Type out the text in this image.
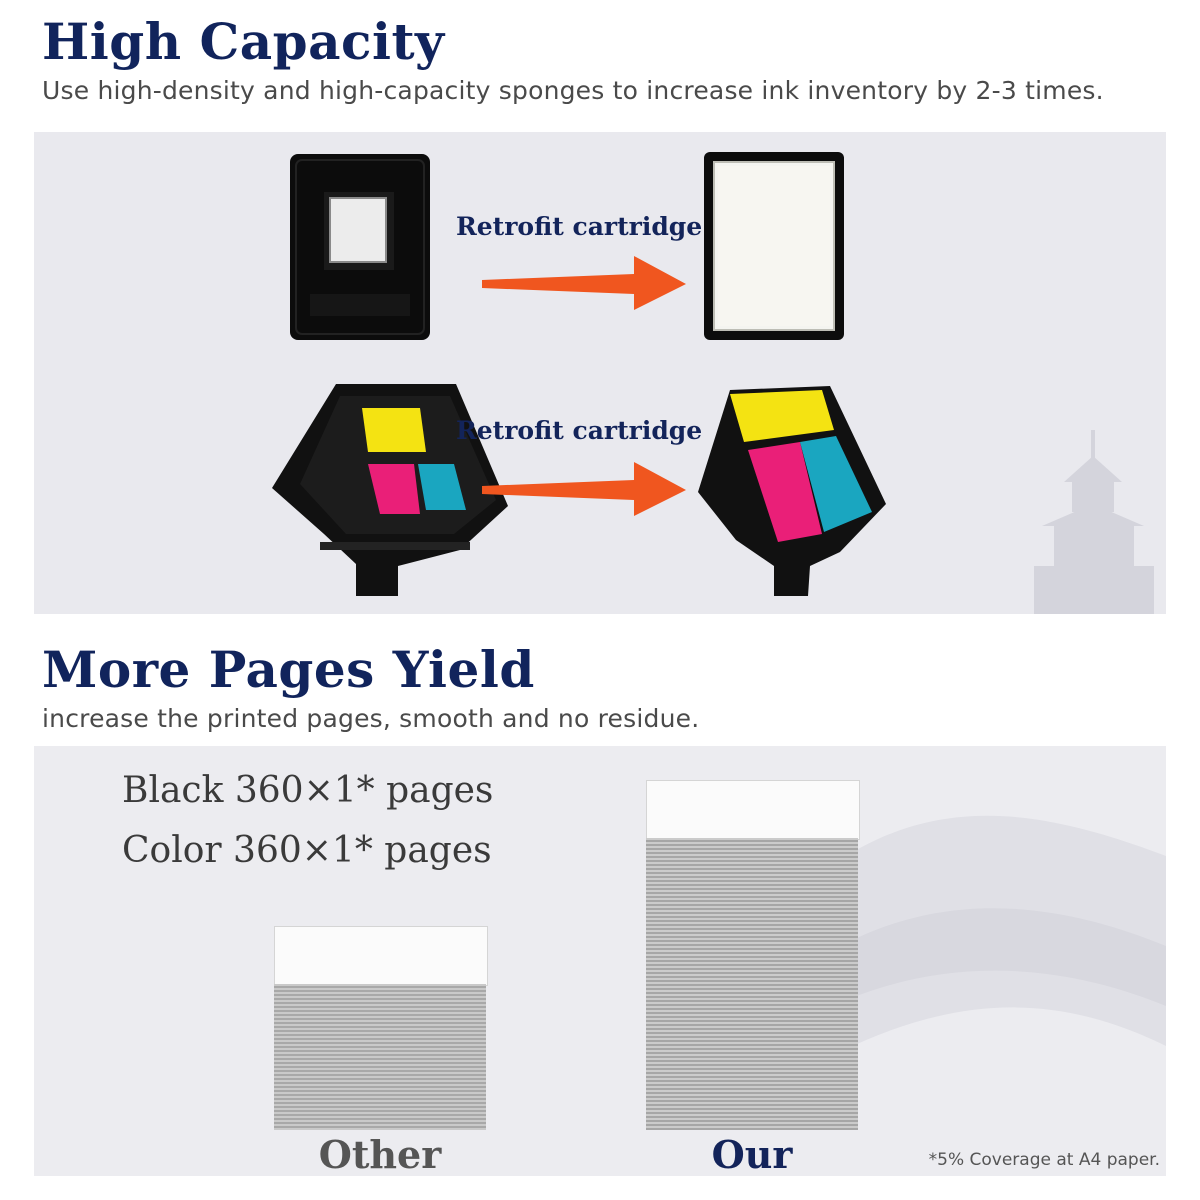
High Capacity

Use high-density and high-capacity sponges to increase ink inventory by 2-3 times.

Retrofit cartridge
Retrofit cartridge
More Pages Yield

increase the printed pages, smooth and no residue.

Black 360×1* pages

Color 360×1* pages

Other	Our	*5% Coverage at A4 paper.
